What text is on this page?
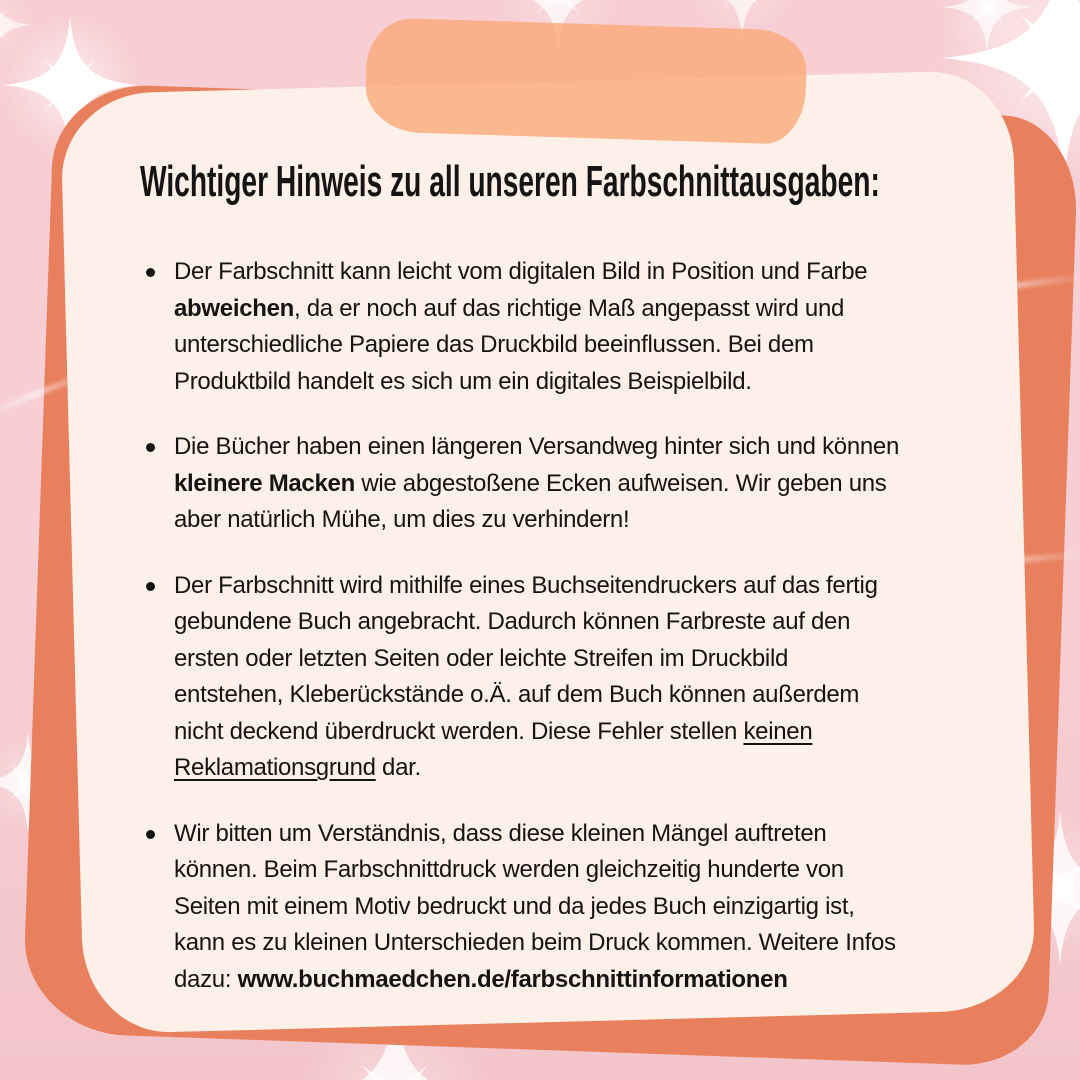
Wichtiger Hinweis zu all unseren Farbschnittausgaben:
Der Farbschnitt kann leicht vom digitalen Bild in Position und Farbe
abweichen, da er noch auf das richtige Maß angepasst wird und
unterschiedliche Papiere das Druckbild beeinflussen. Bei dem
Produktbild handelt es sich um ein digitales Beispielbild.
Die Bücher haben einen längeren Versandweg hinter sich und können
kleinere Macken wie abgestoßene Ecken aufweisen. Wir geben uns
aber natürlich Mühe, um dies zu verhindern!
Der Farbschnitt wird mithilfe eines Buchseitendruckers auf das fertig
gebundene Buch angebracht. Dadurch können Farbreste auf den
ersten oder letzten Seiten oder leichte Streifen im Druckbild
entstehen, Kleberückstände o.Ä. auf dem Buch können außerdem
nicht deckend überdruckt werden. Diese Fehler stellen keinen
Reklamationsgrund dar.
Wir bitten um Verständnis, dass diese kleinen Mängel auftreten
können. Beim Farbschnittdruck werden gleichzeitig hunderte von
Seiten mit einem Motiv bedruckt und da jedes Buch einzigartig ist,
kann es zu kleinen Unterschieden beim Druck kommen. Weitere Infos
dazu: www.buchmaedchen.de/farbschnittinformationen
